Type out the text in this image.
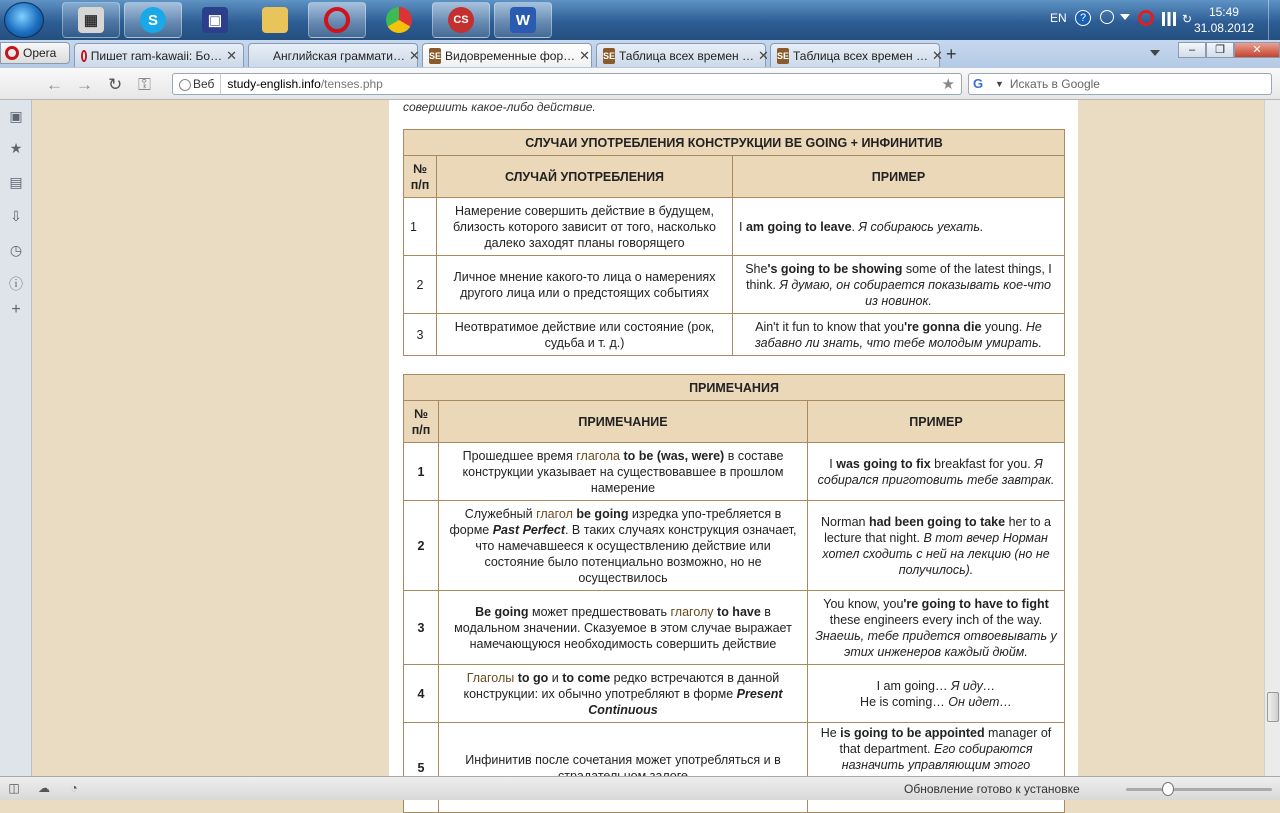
▦	S	▣	CS	W	EN	?	↻	15:49
31.08.2012
Opera	Пишет ram-kawaii: Бо… ✕	Английская граммати… ✕ SE Видовременные фор… ✕ SE Таблица всех времен … ✕ SE Таблица всех времен … ✕ +	–	❐	✕
← → ↻ ⚿	Веб	study-english.info /tenses.php	★ G	▼ Искать в Google
▣
★
▤
⇩
◷
ⓘ
+
совершить какое-либо действие.
СЛУЧАИ УПОТРЕБЛЕНИЯ КОНСТРУКЦИИ BE GOING + ИНФИНИТИВ		
№ п/п	СЛУЧАЙ УПОТРЕБЛЕНИЯ	ПРИМЕР
1	Намерение совершить действие в будущем, близость которого зависит от того, насколько далеко заходят планы говорящего	I am going to leave. Я собираюсь уехать.
2	Личное мнение какого-то лица о намерениях другого лица или о предстоящих событиях	She's going to be showing some of the latest things, I think. Я думаю, он собирается показывать кое-что из новинок.
3	Неотвратимое действие или состояние (рок, судьба и т. д.)	Ain't it fun to know that you're gonna die young. Не забавно ли знать, что тебе молодым умирать.
ПРИМЕЧАНИЯ		
№ п/п	ПРИМЕЧАНИЕ	ПРИМЕР
1	Прошедшее время глагола to be (was, were) в составе конструкции указывает на существовавшее в прошлом намерение	I was going to fix breakfast for you. Я собирался приготовить тебе завтрак.
2	Служебный глагол be going изредка упо-требляется в форме Past Perfect. В таких случаях конструкция означает, что намечавшееся к осуществлению действие или состояние было потенциально возможно, но не осуществилось	Norman had been going to take her to a lecture that night. В тот вечер Норман хотел сходить с ней на лекцию (но не получилось).
3	Be going может предшествовать глаголу to have в модальном значении. Сказуемое в этом случае выражает намечающуюся необходимость совершить действие	You know, you're going to have to fight these engineers every inch of the way. Знаешь, тебе придется отвоевывать у этих инженеров каждый дюйм.
4	Глаголы to go и to come редко встречаются в данной конструкции: их обычно употребляют в форме Present Continuous	I am going… Я иду…
He is coming… Он идет…
5	Инфинитив после сочетания может употребляться и в	He is going to be appointed manager of that department. Его собираются назначить управляющим этого
◫ ☁	◔	Обновление готово к установке
